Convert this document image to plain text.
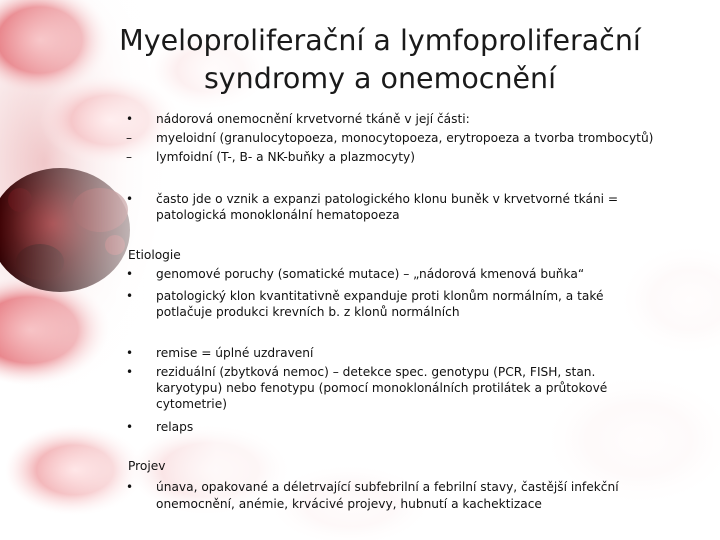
Myeloproliferační a lymfoproliferační
syndromy a onemocnění
• nádorová onemocnění krvetvorné tkáně v její části:
– myeloidní (granulocytopoeza, monocytopoeza, erytropoeza a tvorba trombocytů)
– lymfoidní (T-, B- a NK-buňky a plazmocyty)
• často jde o vznik a expanzi patologického klonu buněk v krvetvorné tkáni =
patologická monoklonální hematopoeza
Etiologie
• genomové poruchy (somatické mutace) – „nádorová kmenová buňka“
• patologický klon kvantitativně expanduje proti klonům normálním, a také
potlačuje produkci krevních b. z klonů normálních
• remise = úplné uzdravení
• reziduální (zbytková nemoc) – detekce spec. genotypu (PCR, FISH, stan.
karyotypu) nebo fenotypu (pomocí monoklonálních protilátek a průtokové
cytometrie)
• relaps
Projev
• únava, opakované a déletrvající subfebrilní a febrilní stavy, častější infekční
onemocnění, anémie, krvácivé projevy, hubnutí a kachektizace
